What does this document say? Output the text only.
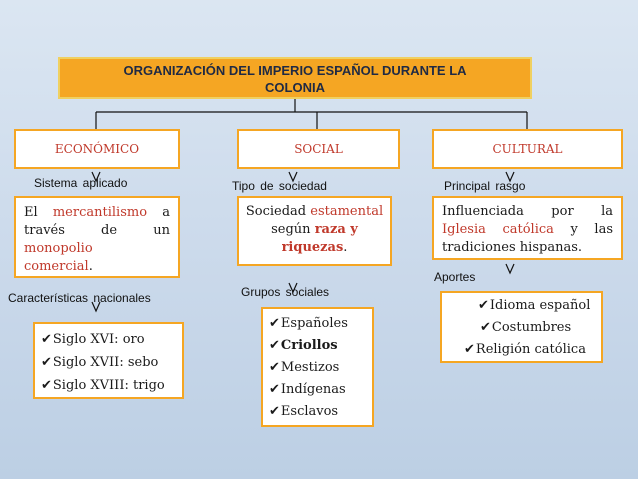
ORGANIZACIÓN DEL IMPERIO ESPAÑOL DURANTE LA
COLONIA
ECONÓMICO	SOCIAL	CULTURAL
Sistema aplicado	Tipo de sociedad	Principal rasgo
Características nacionales	Grupos sociales
Aportes
El mercantilismo a
través de un
monopolio
comercial.
Sociedad estamental según raza y riquezas.
Influenciada por la
Iglesia católica y las
tradiciones hispanas.
✔Siglo XVI: oro
✔Siglo XVII: sebo
✔Siglo XVIII: trigo
✔Españoles
✔Criollos
✔Mestizos
✔Indígenas
✔Esclavos
✔Idioma español
✔Costumbres
✔Religión católica
